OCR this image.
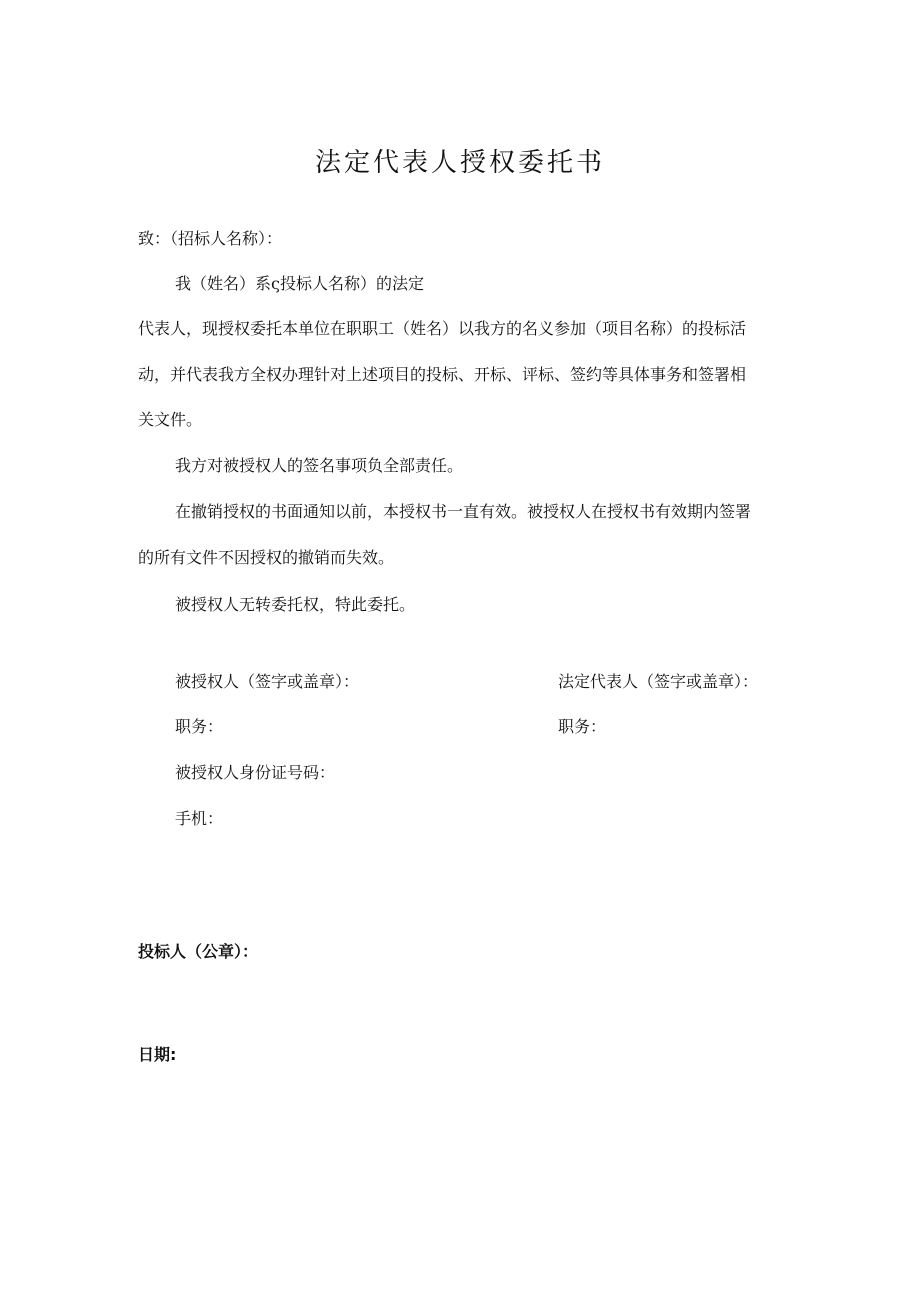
法定代表人授权委托书
致：（招标人名称）：
我（姓名）系ς投标人名称）的法定
代表人，现授权委托本单位在职职工（姓名）以我方的名义参加（项目名称）的投标活
动，并代表我方全权办理针对上述项目的投标、开标、评标、签约等具体事务和签署相
关文件。
我方对被授权人的签名事项负全部责任。
在撤销授权的书面通知以前，本授权书一直有效。被授权人在授权书有效期内签署
的所有文件不因授权的撤销而失效。
被授权人无转委托权，特此委托。
被授权人（签字或盖章）：	法定代表人（签字或盖章）：
职务：	职务：
被授权人身份证号码：
手机：
投标人（公章）：
日期:
